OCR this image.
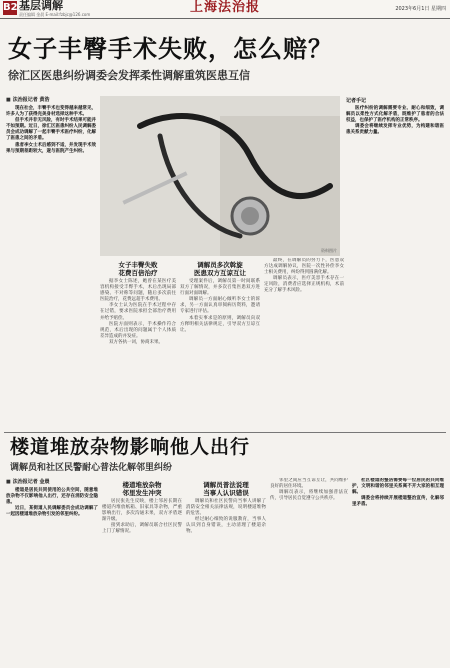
B2 基层调解
责任编辑 金晨 E-mail:fzbjc@126.com	上海法治报	2023年6月1日 星期四
女子丰臀手术失败，怎么赔？
徐汇区医患纠纷调委会发挥柔性调解重筑医患互信
■ 法治报记者 黄浩

现在社会，丰臀手术也变得越来越常见，许多人为了获得完美身材选择这种手术。

但手术并非无风险，有时手术结果可能并不如预期。近日，徐汇区医患纠纷人民调解委员会成功调解了一起丰臀手术医疗纠纷，化解了医患之间的矛盾。

患者李女士术后感到不适，并发现手术效果与预期差距较大，遂与医院产生纠纷。

资料图片
女子丰臀失败
花费百倍治疗

据李女士陈述，她曾在某医疗美容机构接受丰臀手术，术后出现局部感染、不对称等问题，随后多次前往医院治疗，花费远超手术费用。

李女士认为医院在手术过程中存在过错，要求医院承担全部治疗费用并给予赔偿。

医院方面则表示，手术操作符合规范，术后出现的问题属于个人体质差异造成的并发症。

双方各执一词，协商未果。

调解员多次斡旋
医患双方互谅互让

受理案件后，调解员第一时间联系双方了解情况，并多次召集医患双方进行面对面调解。

调解员一方面耐心倾听李女士的诉求，另一方面认真审阅病历资料，邀请专家进行评估。

本着实事求是的原则，调解员向双方释明相关法律规定，引导双方互谅互让。

最终，在调解员的努力下，医患双方达成调解协议，医院一次性补偿李女士相关费用，纠纷得到圆满化解。

调解员表示，医疗美容手术存在一定风险，消费者应选择正规机构，术前充分了解手术风险。

记者手记

医疗纠纷的调解需要专业、耐心和细致，调解员以柔性方式化解矛盾，既维护了患者的合法权益，也保护了医疗机构的正常秩序。

调委会将继续发挥专业优势，为构建和谐医患关系贡献力量。

楼道堆放杂物影响他人出行
调解员和社区民警耐心普法化解邻里纠纷
■ 法治报记者 金晨

楼道是居民共同使用的公共空间，随意堆放杂物不仅影响他人出行，还存在消防安全隐患。

近日，某街道人民调解委员会成功调解了一起因楼道堆放杂物引发的邻里纠纷。

楼道堆放杂物
邻里发生冲突

居民张先生反映，楼上邻居长期在楼道内堆放纸箱、旧家具等杂物，严重影响出行，多次沟通未果，双方矛盾逐渐升级。

接到求助后，调解员联合社区民警上门了解情况。

调解员普法说理
当事人认识错误

调解员和社区民警向当事人讲解了消防安全相关法律法规，说明楼道堆物的危害。

经过耐心细致的说服教育，当事人认识到自身错误，主动清理了楼道杂物。

邻里之间应当互谅互让，共同维护良好的居住环境。

调解员表示，将继续加强普法宣传，引导居民自觉遵守公共秩序。

社区楼道的整洁需要每一位居民的共同维护，文明和谐的邻里关系离不开大家的相互理解。

调委会将持续开展楼道整治宣传，化解邻里矛盾。
